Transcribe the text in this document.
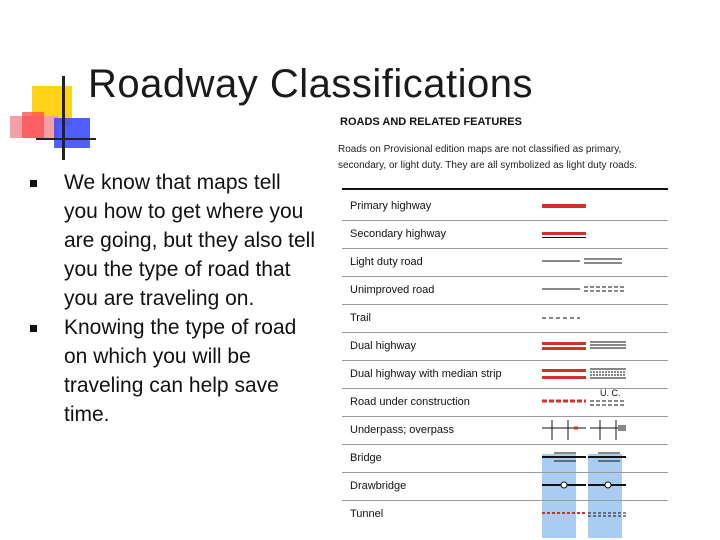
Roadway Classifications
We know that maps tell you how to get where you are going, but they also tell you the type of road that you are traveling on.
Knowing the type of road on which you will be traveling can help save time.
ROADS AND RELATED FEATURES
Roads on Provisional edition maps are not classified as primary, secondary, or light duty. They are all symbolized as light duty roads.
Primary highway
Secondary highway
Light duty road
Unimproved road
Trail
Dual highway
Dual highway with median strip
Road under construction
U. C.
Underpass; overpass
Bridge
Drawbridge
Tunnel
